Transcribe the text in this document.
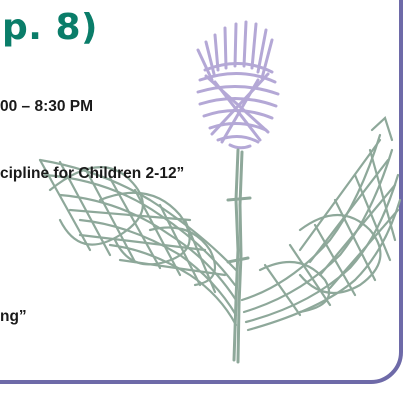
p. 8)

00 – 8:30 PM

cipline for Children 2-12”

ng”
